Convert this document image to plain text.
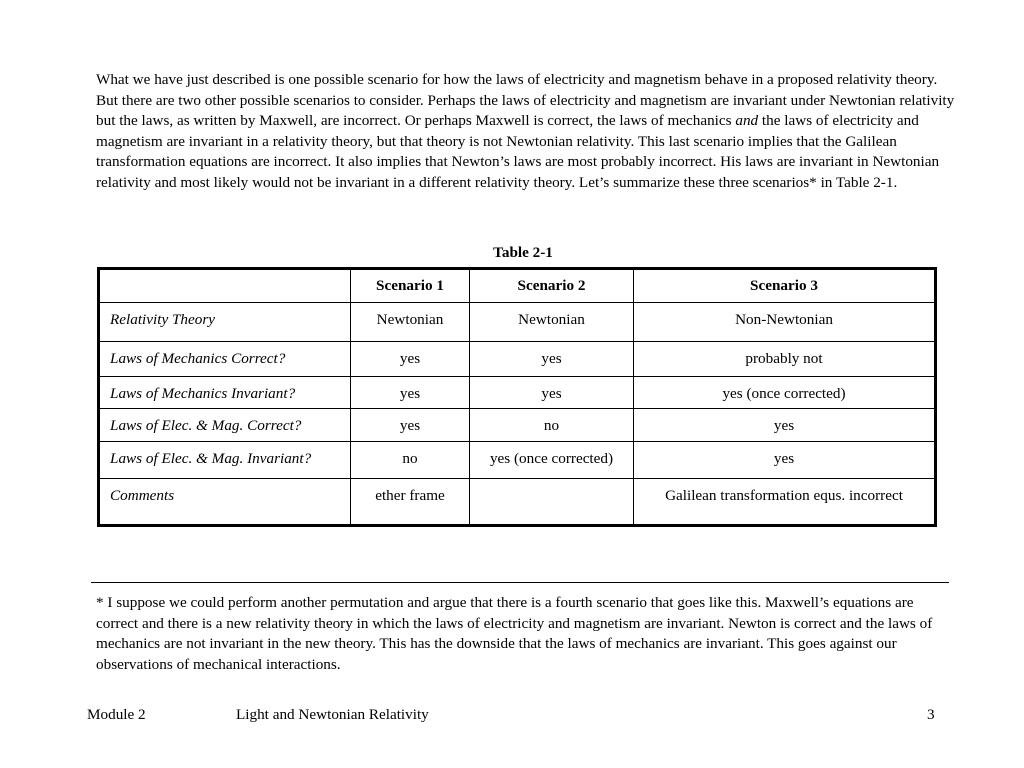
What we have just described is one possible scenario for how the laws of electricity and magnetism behave in a proposed relativity theory. But there are two other possible scenarios to consider. Perhaps the laws of electricity and magnetism are invariant under Newtonian relativity but the laws, as written by Maxwell, are incorrect. Or perhaps Maxwell is correct, the laws of mechanics and the laws of electricity and magnetism are invariant in a relativity theory, but that theory is not Newtonian relativity. This last scenario implies that the Galilean transformation equations are incorrect. It also implies that Newton’s laws are most probably incorrect. His laws are invariant in Newtonian relativity and most likely would not be invariant in a different relativity theory. Let’s summarize these three scenarios* in Table 2-1.

Table 2-1
	Scenario 1	Scenario 2	Scenario 3
Relativity Theory	Newtonian	Newtonian	Non-Newtonian
Laws of Mechanics Correct?	yes	yes	probably not
Laws of Mechanics Invariant?	yes	yes	yes (once corrected)
Laws of Elec. & Mag. Correct?	yes	no	yes
Laws of Elec. & Mag. Invariant?	no	yes (once corrected)	yes
Comments	ether frame		Galilean transformation equs. incorrect

* I suppose we could perform another permutation and argue that there is a fourth scenario that goes like this. Maxwell’s equations are correct and there is a new relativity theory in which the laws of electricity and magnetism are invariant. Newton is correct and the laws of mechanics are not invariant in the new theory. This has the downside that the laws of mechanics are invariant. This goes against our observations of mechanical interactions.

Module 2	Light and Newtonian Relativity	3
